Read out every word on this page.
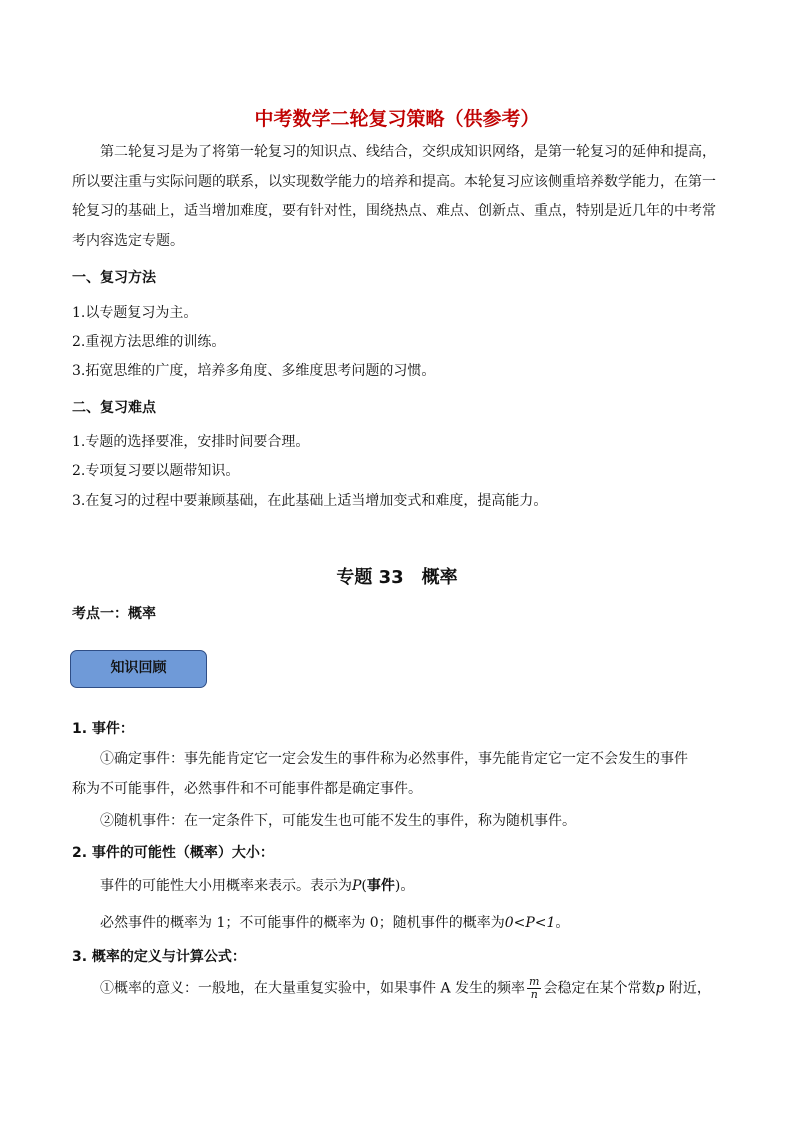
中考数学二轮复习策略（供参考）
第二轮复习是为了将第一轮复习的知识点、线结合，交织成知识网络，是第一轮复习的延伸和提高，所以要注重与实际问题的联系，以实现数学能力的培养和提高。本轮复习应该侧重培养数学能力，在第一轮复习的基础上，适当增加难度，要有针对性，围绕热点、难点、创新点、重点，特别是近几年的中考常考内容选定专题。
一、复习方法
1.以专题复习为主。
2.重视方法思维的训练。
3.拓宽思维的广度，培养多角度、多维度思考问题的习惯。
二、复习难点
1.专题的选择要准，安排时间要合理。
2.专项复习要以题带知识。
3.在复习的过程中要兼顾基础，在此基础上适当增加变式和难度，提高能力。
专题 33　概率
考点一：概率
知识回顾
1. 事件：
①确定事件：事先能肯定它一定会发生的事件称为必然事件，事先能肯定它一定不会发生的事件
称为不可能事件，必然事件和不可能事件都是确定事件。
②随机事件：在一定条件下，可能发生也可能不发生的事件，称为随机事件。
2. 事件的可能性（概率）大小：
事件的可能性大小用概率来表示。表示为P(事件)。
必然事件的概率为 1；不可能事件的概率为 0；随机事件的概率为0<P<1。
3. 概率的定义与计算公式：
①概率的意义：一般地，在大量重复实验中，如果事件 A 发生的频率 $\frac{m}{n}$ 会稳定在某个常数p 附近，
